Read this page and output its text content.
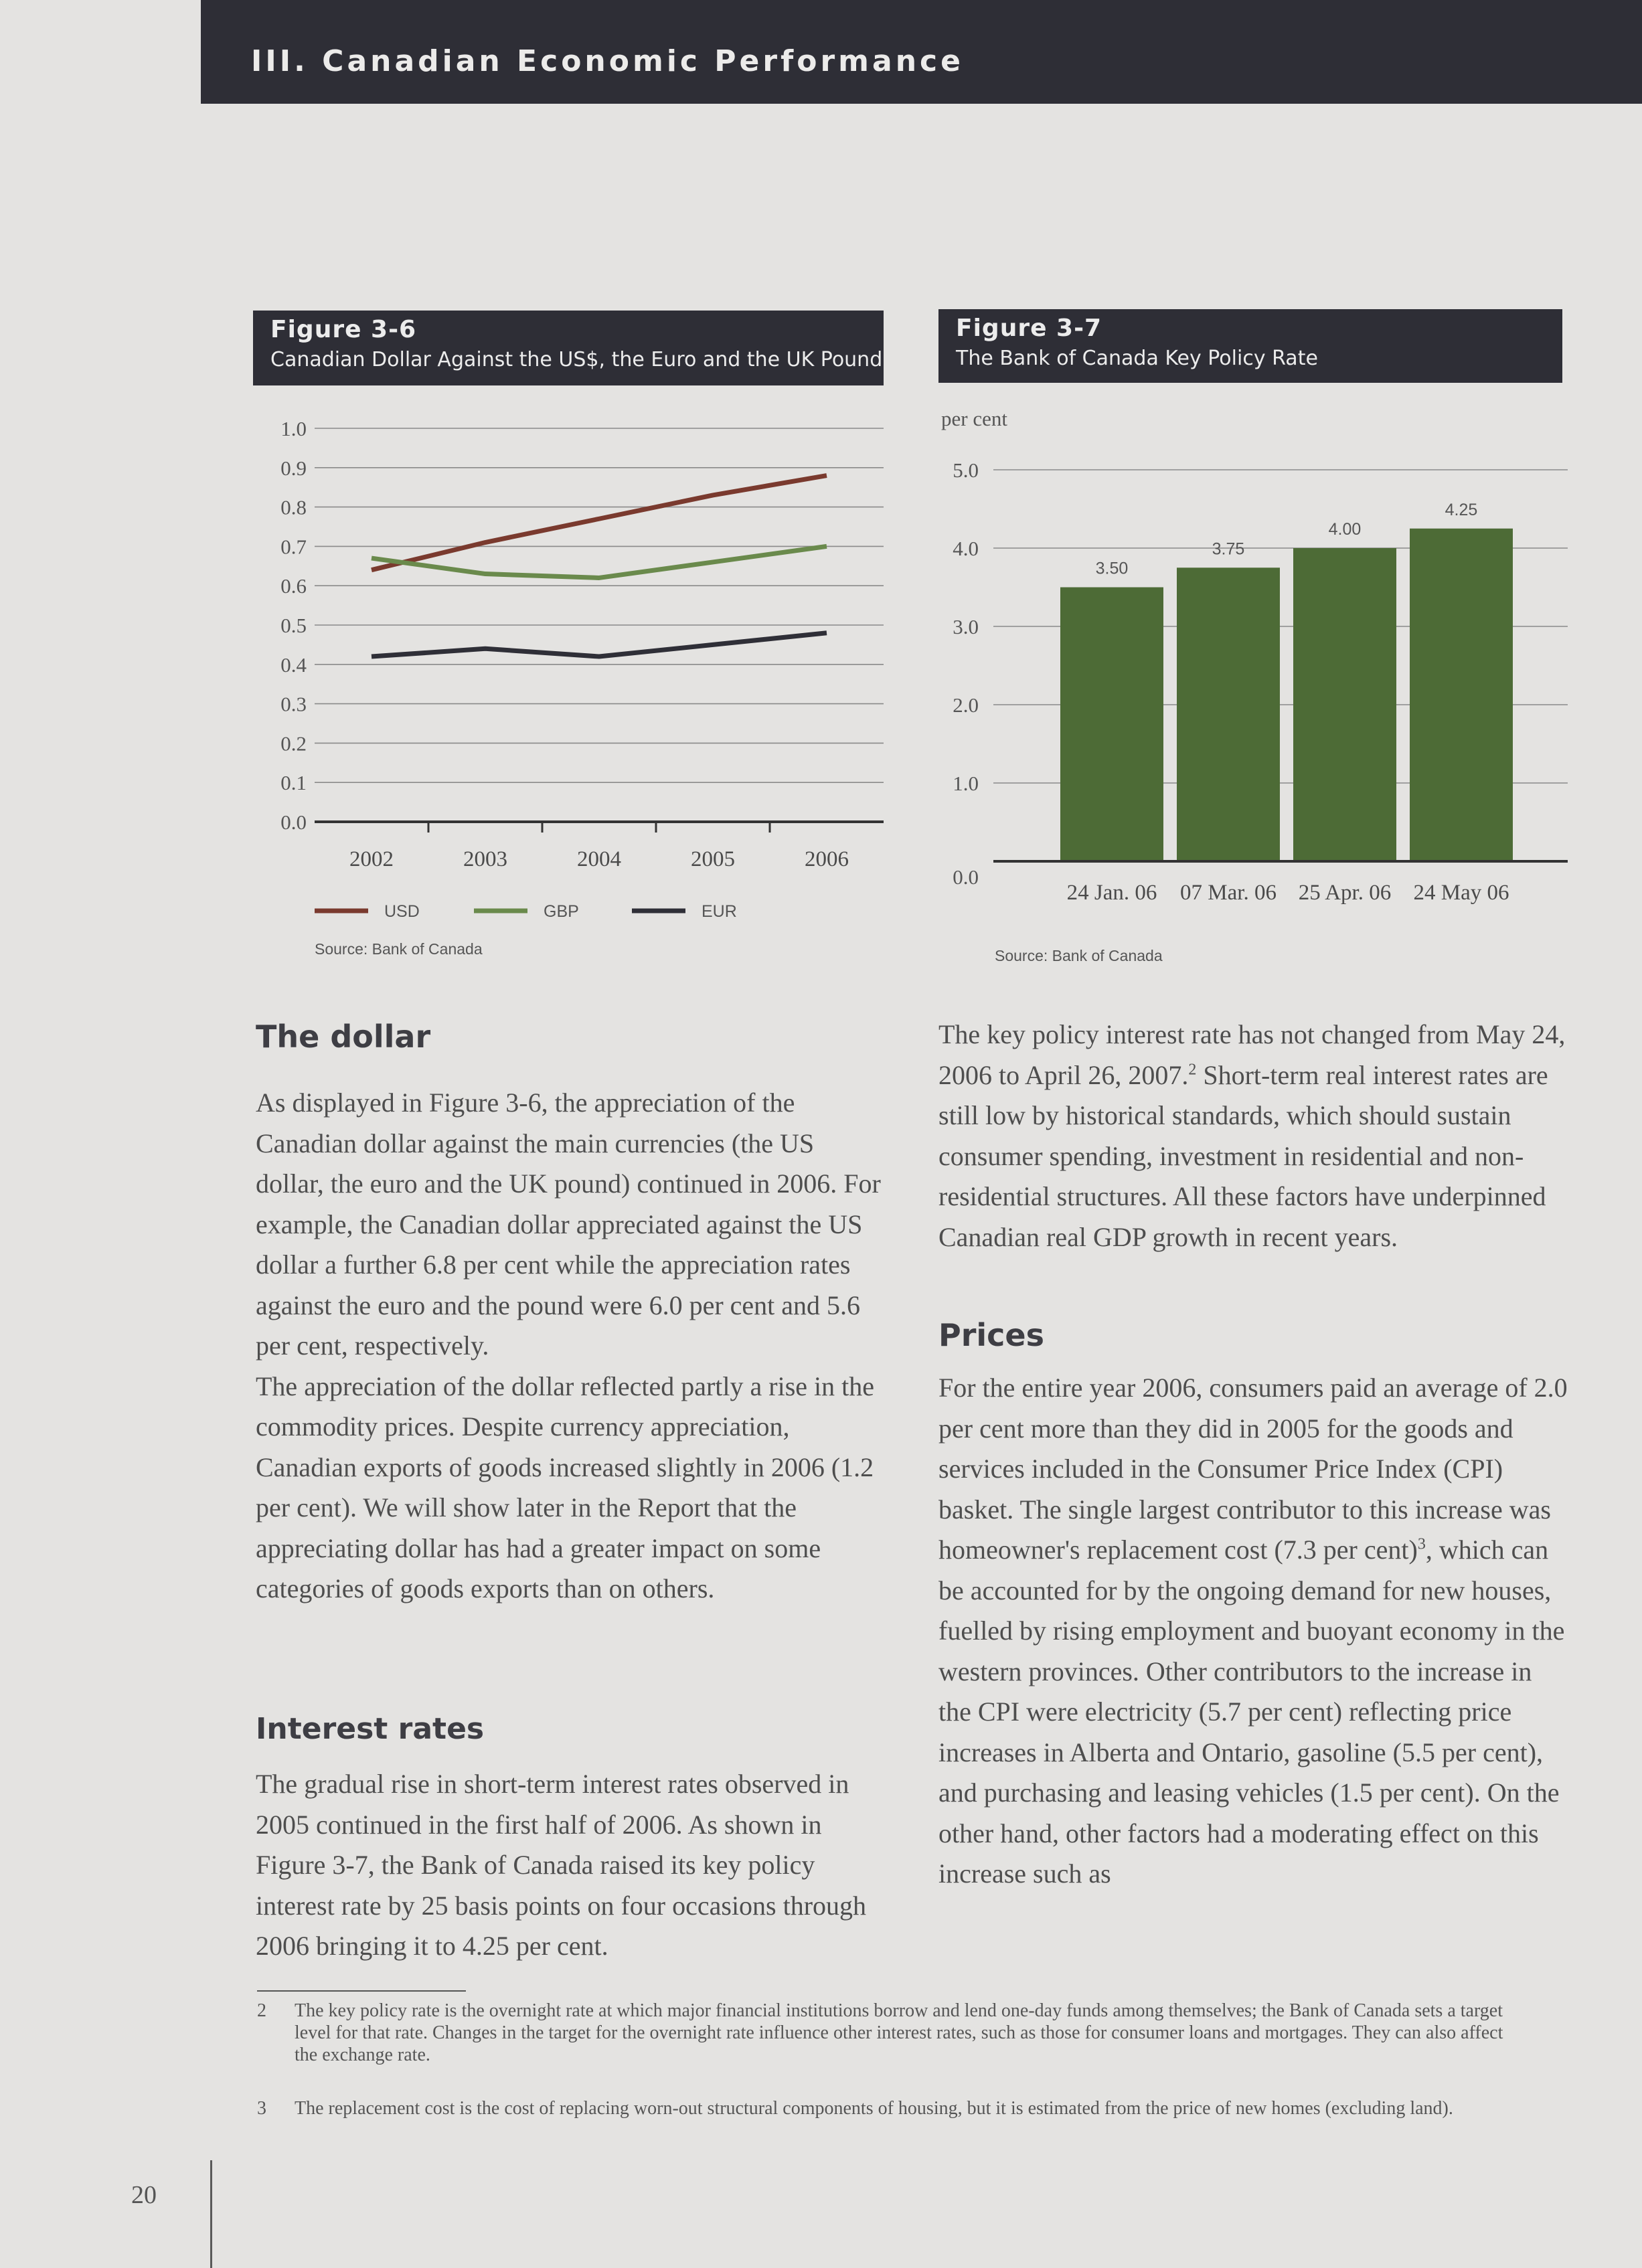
III. Canadian Economic Performance
Figure 3-6
Canadian Dollar Against the US$, the Euro and the UK Pound
1.0
0.9
0.8
0.7
0.6
0.5
0.4
0.3
0.2
0.1
0.0
2002	2003	2004	2005	2006
USD	GBP	EUR
Source: Bank of Canada
Figure 3-7
The Bank of Canada Key Policy Rate
per cent
5.0
4.0
3.0
2.0
1.0
0.0
3.50
3.75
4.00
4.25
24 Jan. 06 07 Mar. 06 25 Apr. 06 24 May 06
Source: Bank of Canada
The dollar

As displayed in Figure 3-6, the appreciation of the Canadian dollar against the main currencies (the US dollar, the euro and the UK pound) continued in 2006. For example, the Canadian dollar appreciated against the US dollar a further 6.8 per cent while the appreciation rates against the euro and the pound were 6.0 per cent and 5.6 per cent, respectively.

The appreciation of the dollar reflected partly a rise in the commodity prices. Despite currency appreciation, Canadian exports of goods increased slightly in 2006 (1.2 per cent). We will show later in the Report that the appreciating dollar has had a greater impact on some categories of goods exports than on others.

Interest rates
The gradual rise in short-term interest rates observed in 2005 continued in the first half of 2006. As shown in Figure 3-7, the Bank of Canada raised its key policy interest rate by 25 basis points on four occasions through 2006 bringing it to 4.25 per cent.
The key policy interest rate has not changed from May 24, 2006 to April 26, 2007.$^2$ Short-term real interest rates are still low by historical standards, which should sustain consumer spending, investment in residential and non-residential structures. All these factors have underpinned Canadian real GDP growth in recent years.
Prices
For the entire year 2006, consumers paid an average of 2.0 per cent more than they did in 2005 for the goods and services included in the Consumer Price Index (CPI) basket. The single largest contributor to this increase was homeowner's replacement cost (7.3 per cent)$^3$, which can be accounted for by the ongoing demand for new houses, fuelled by rising employment and buoyant economy in the western provinces. Other contributors to the increase in the CPI were electricity (5.7 per cent) reflecting price increases in Alberta and Ontario, gasoline (5.5 per cent), and purchasing and leasing vehicles (1.5 per cent). On the other hand, other factors had a moderating effect on this increase such as
2 The key policy rate is the overnight rate at which major financial institutions borrow and lend one-day funds among themselves; the Bank of Canada sets a target level for that rate. Changes in the target for the overnight rate influence other interest rates, such as those for consumer loans and mortgages. They can also affect the exchange rate.
3 The replacement cost is the cost of replacing worn-out structural components of housing, but it is estimated from the price of new homes (excluding land).
20
